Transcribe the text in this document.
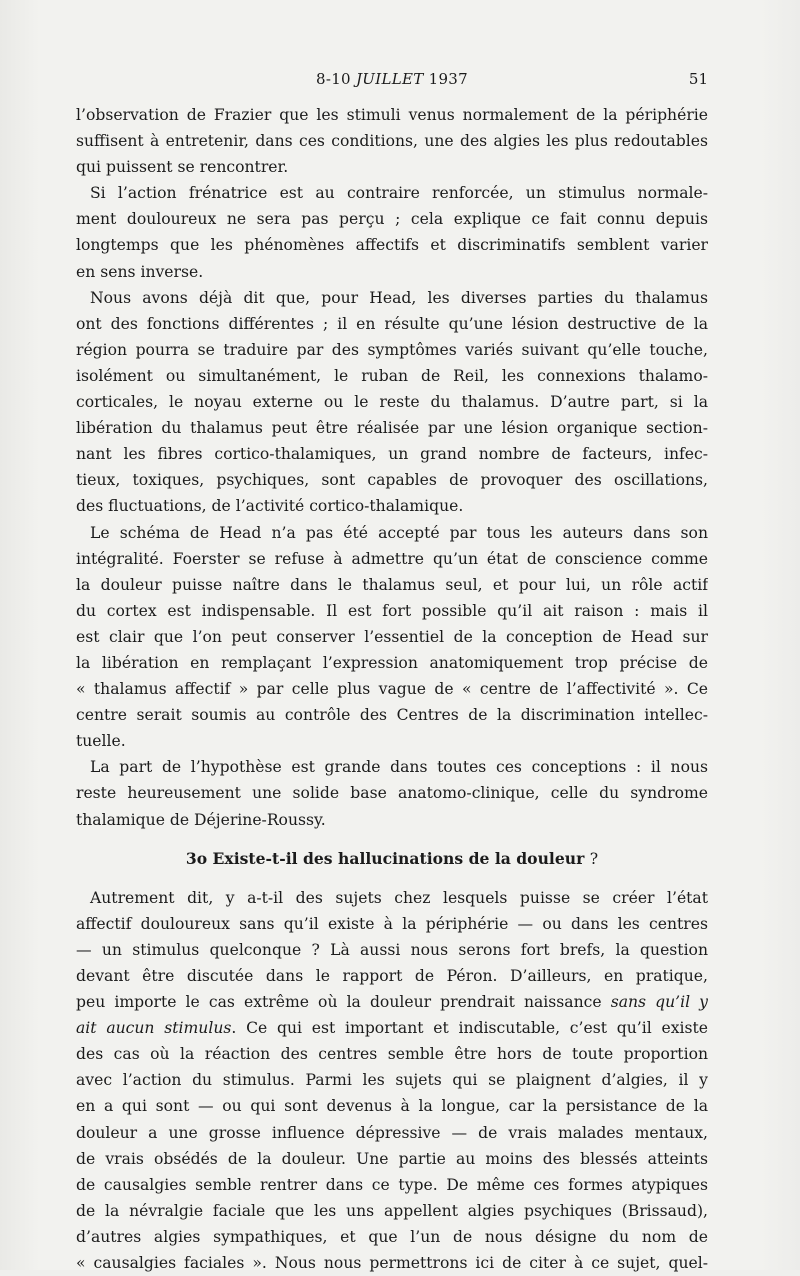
8-10 JUILLET 1937	51
l’observation de Frazier que les stimuli venus normalement de la périphérie
suffisent à entretenir, dans ces conditions, une des algies les plus redoutables
qui puissent se rencontrer.
Si l’action frénatrice est au contraire renforcée, un stimulus normale-
ment douloureux ne sera pas perçu ; cela explique ce fait connu depuis
longtemps que les phénomènes affectifs et discriminatifs semblent varier
en sens inverse.
Nous avons déjà dit que, pour Head, les diverses parties du thalamus
ont des fonctions différentes ; il en résulte qu’une lésion destructive de la
région pourra se traduire par des symptômes variés suivant qu’elle touche,
isolément ou simultanément, le ruban de Reil, les connexions thalamo-
corticales, le noyau externe ou le reste du thalamus. D’autre part, si la
libération du thalamus peut être réalisée par une lésion organique section-
nant les fibres cortico-thalamiques, un grand nombre de facteurs, infec-
tieux, toxiques, psychiques, sont capables de provoquer des oscillations,
des fluctuations, de l’activité cortico-thalamique.
Le schéma de Head n’a pas été accepté par tous les auteurs dans son
intégralité. Foerster se refuse à admettre qu’un état de conscience comme
la douleur puisse naître dans le thalamus seul, et pour lui, un rôle actif
du cortex est indispensable. Il est fort possible qu’il ait raison : mais il
est clair que l’on peut conserver l’essentiel de la conception de Head sur
la libération en remplaçant l’expression anatomiquement trop précise de
« thalamus affectif » par celle plus vague de « centre de l’affectivité ». Ce
centre serait soumis au contrôle des Centres de la discrimination intellec-
tuelle.
La part de l’hypothèse est grande dans toutes ces conceptions : il nous
reste heureusement une solide base anatomo-clinique, celle du syndrome
thalamique de Déjerine-Roussy.
3o Existe-t-il des hallucinations de la douleur ?
Autrement dit, y a-t-il des sujets chez lesquels puisse se créer l’état
affectif douloureux sans qu’il existe à la périphérie — ou dans les centres
— un stimulus quelconque ? Là aussi nous serons fort brefs, la question
devant être discutée dans le rapport de Péron. D’ailleurs, en pratique,
peu importe le cas extrême où la douleur prendrait naissance sans qu’il y
ait aucun stimulus. Ce qui est important et indiscutable, c’est qu’il existe
des cas où la réaction des centres semble être hors de toute proportion
avec l’action du stimulus. Parmi les sujets qui se plaignent d’algies, il y
en a qui sont — ou qui sont devenus à la longue, car la persistance de la
douleur a une grosse influence dépressive — de vrais malades mentaux,
de vrais obsédés de la douleur. Une partie au moins des blessés atteints
de causalgies semble rentrer dans ce type. De même ces formes atypiques
de la névralgie faciale que les uns appellent algies psychiques (Brissaud),
d’autres algies sympathiques, et que l’un de nous désigne du nom de
« causalgies faciales ». Nous nous permettrons ici de citer à ce sujet, quel-
